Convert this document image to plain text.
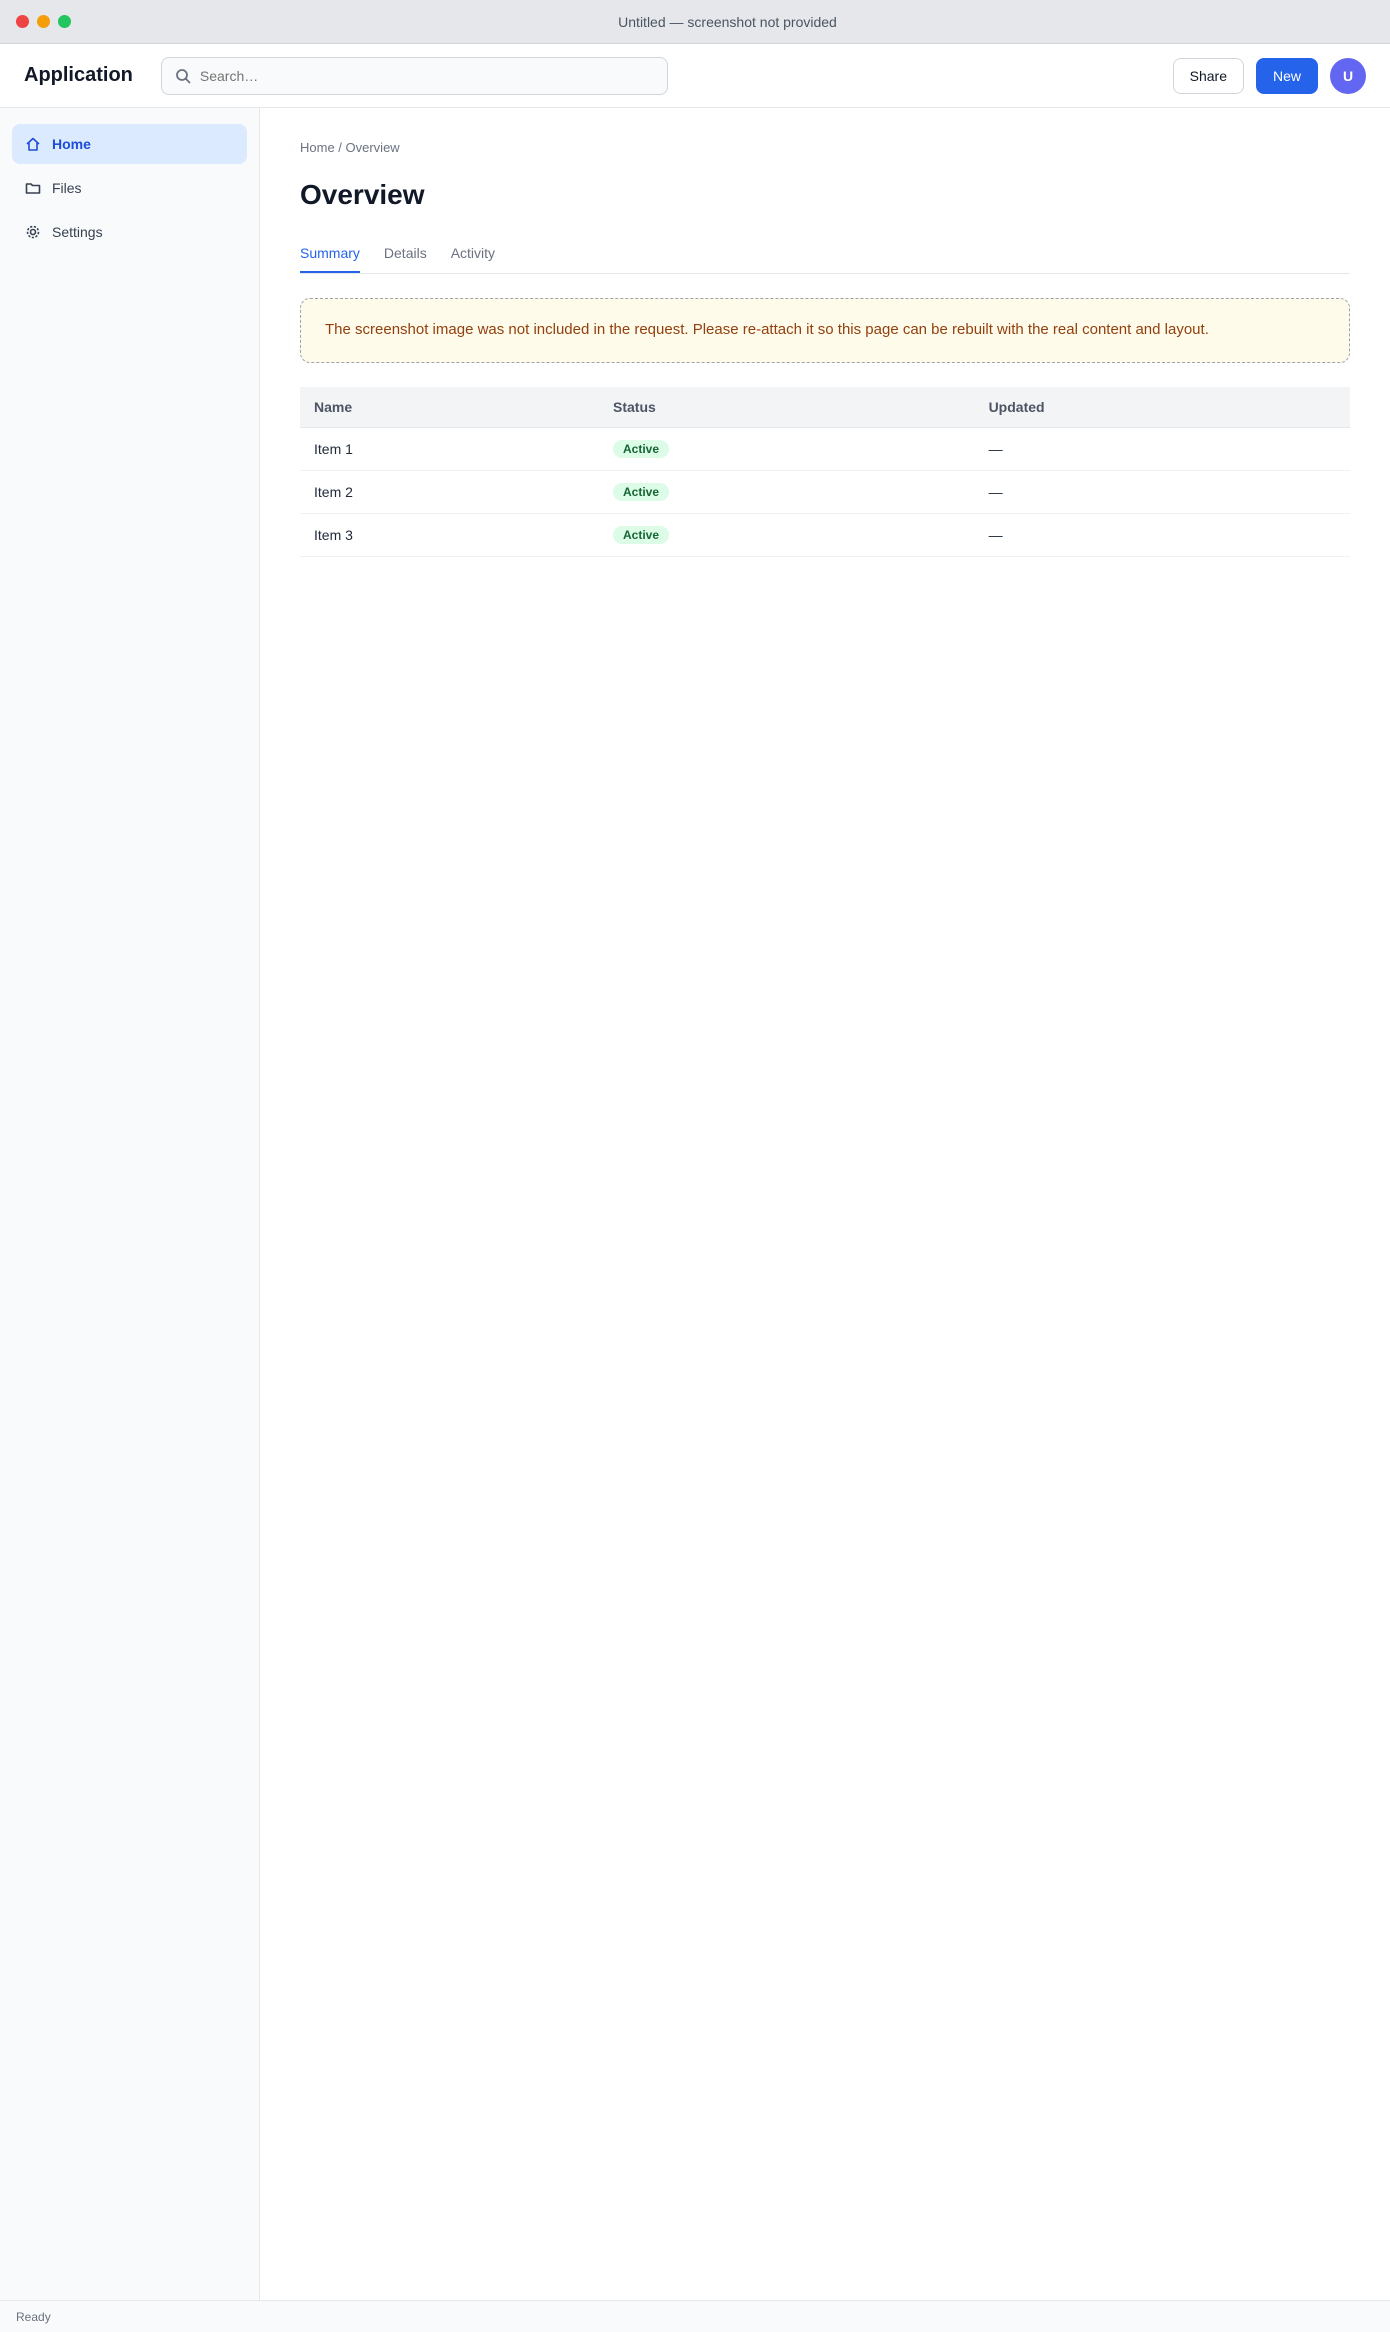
Untitled — screenshot not provided
Application
Search…	Share	New	U
Home
Files
Settings
Home / Overview
Overview
Summary Details Activity
The screenshot image was not included in the request. Please re-attach it so this page can be rebuilt with the real content and layout.
Name	Status	Updated
Item 1	Active	—
Item 2	Active	—
Item 3	Active	—
Ready
